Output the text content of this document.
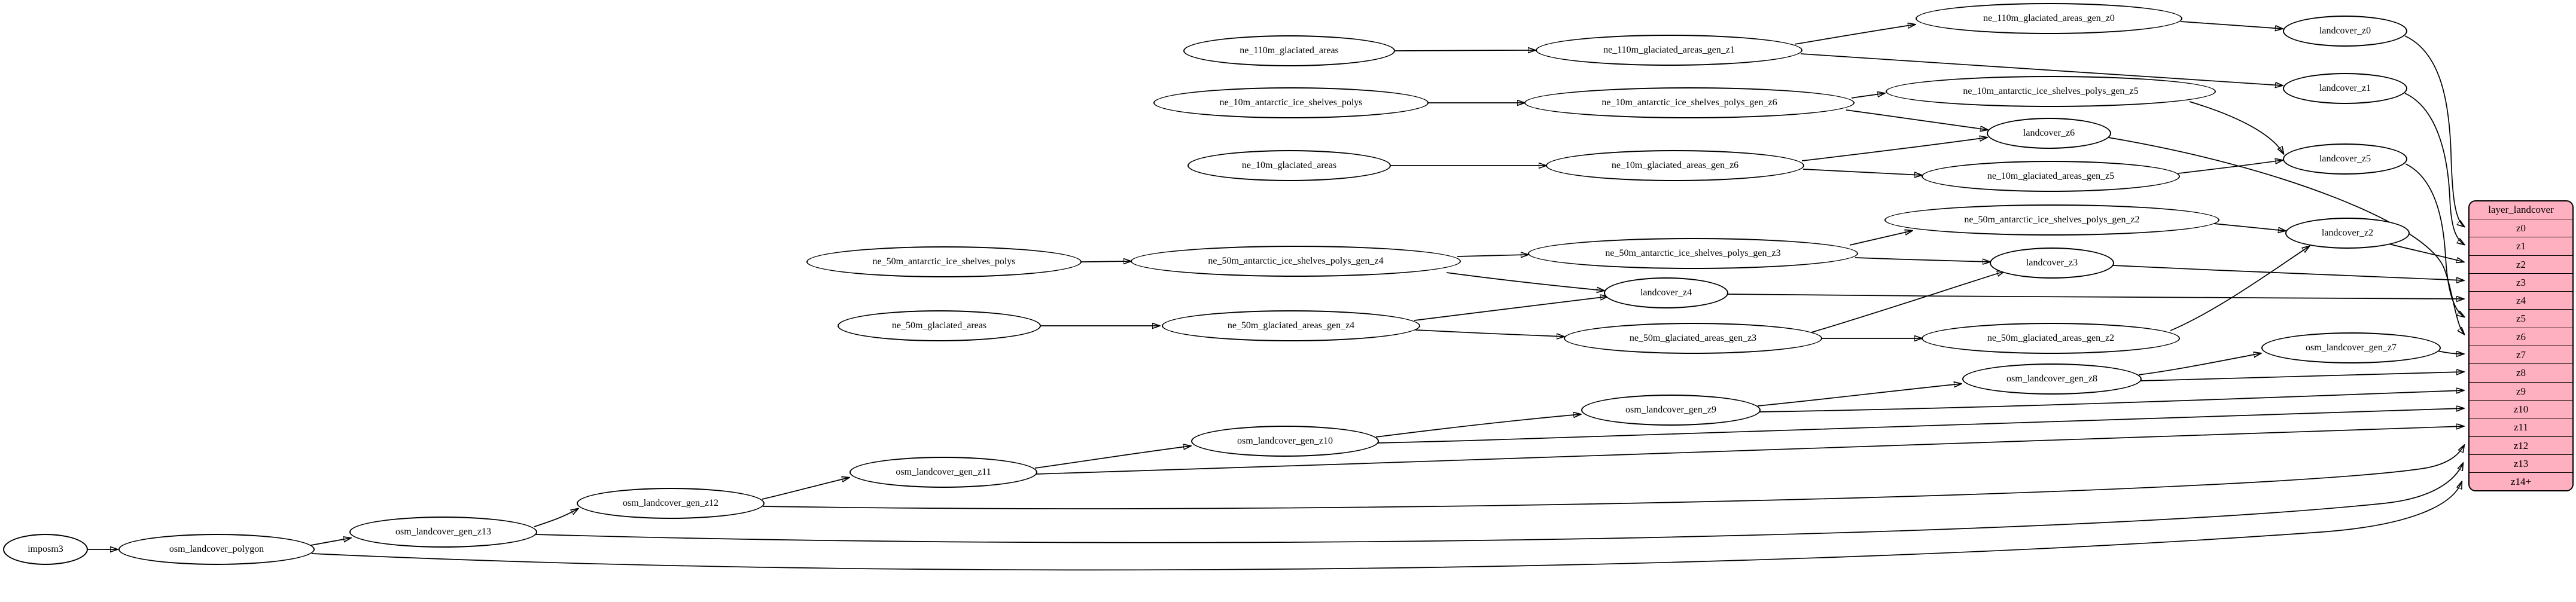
imposm3	osm_landcover_polygon
osm_landcover_gen_z13
osm_landcover_gen_z12
osm_landcover_gen_z11
osm_landcover_gen_z10
osm_landcover_gen_z9
osm_landcover_gen_z8
osm_landcover_gen_z7
ne_110m_glaciated_areas	ne_110m_glaciated_areas_gen_z1
ne_110m_glaciated_areas_gen_z0
landcover_z0
landcover_z1
ne_10m_antarctic_ice_shelves_polys	ne_10m_antarctic_ice_shelves_polys_gen_z6
ne_10m_antarctic_ice_shelves_polys_gen_z5
landcover_z6
landcover_z5
ne_10m_glaciated_areas	ne_10m_glaciated_areas_gen_z6
ne_10m_glaciated_areas_gen_z5
ne_50m_antarctic_ice_shelves_polys	ne_50m_antarctic_ice_shelves_polys_gen_z4
ne_50m_antarctic_ice_shelves_polys_gen_z3
ne_50m_antarctic_ice_shelves_polys_gen_z2
landcover_z4
landcover_z3
landcover_z2
ne_50m_glaciated_areas	ne_50m_glaciated_areas_gen_z4
ne_50m_glaciated_areas_gen_z3	ne_50m_glaciated_areas_gen_z2
layer_landcover
z0
z1
z2
z3
z4
z5
z6
z7
z8
z9
z10
z11
z12
z13
z14+
